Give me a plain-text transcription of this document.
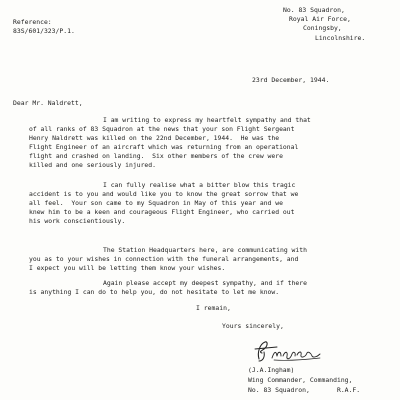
Reference:
83S/601/323/P.1.
No. 83 Squadron,
Royal Air Force,
Coningsby,
Lincolnshire.
23rd December, 1944.
Dear Mr. Naldrett,
I am writing to express my heartfelt sympathy and that
of all ranks of 83 Squadron at the news that your son Flight Sergeant
Henry Naldrett was killed on the 22nd December, 1944.  He was the
Flight Engineer of an aircraft which was returning from an operational
flight and crashed on landing.  Six other members of the crew were
killed and one seriously injured.
I can fully realise what a bitter blow this tragic
accident is to you and would like you to know the great sorrow that we
all feel.  Your son came to my Squadron in May of this year and we
knew him to be a keen and courageous Flight Engineer, who carried out
his work conscientiously.
The Station Headquarters here, are communicating with
you as to your wishes in connection with the funeral arrangements, and
I expect you will be letting them know your wishes.
Again please accept my deepest sympathy, and if there
is anything I can do to help you, do not hesitate to let me know.
I remain,
Yours sincerely,
(J.A.Ingham)
Wing Commander, Commanding,
No. 83 Squadron,       R.A.F.
